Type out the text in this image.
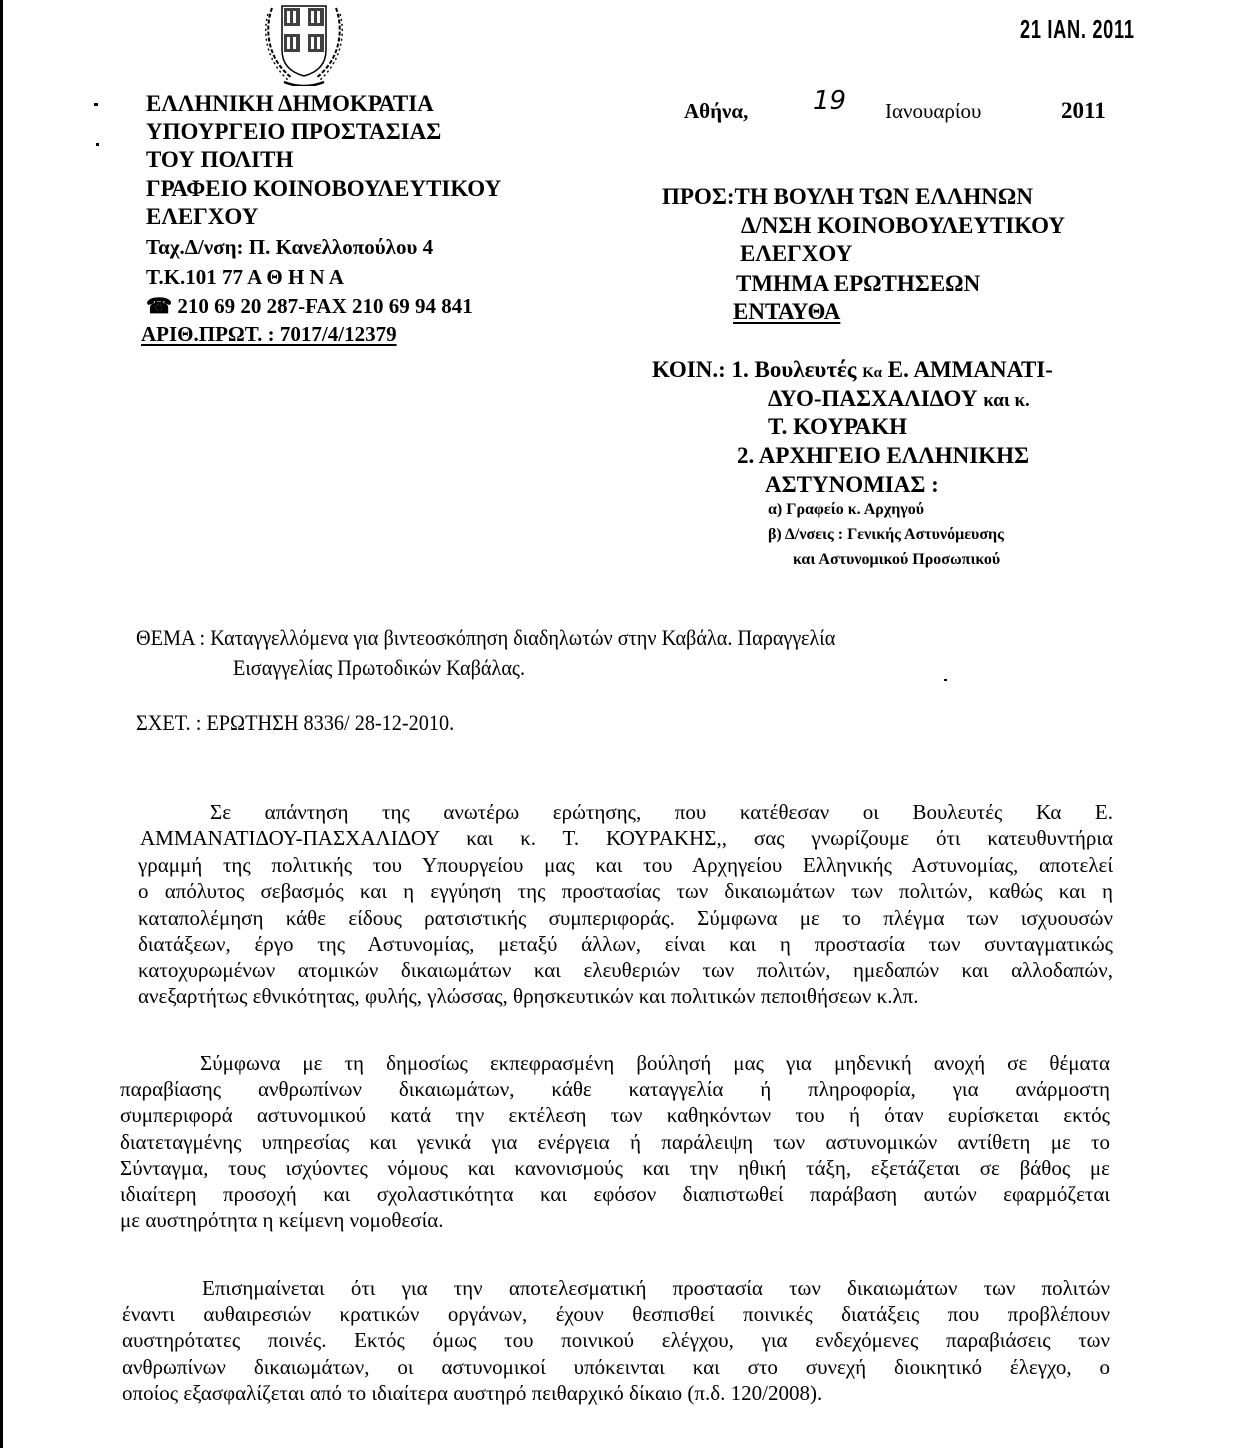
21 IAN. 2011
ΕΛΛΗΝΙΚΗ ΔΗΜΟΚΡΑΤΙΑ
ΥΠΟΥΡΓΕΙΟ ΠΡΟΣΤΑΣΙΑΣ
ΤΟΥ ΠΟΛΙΤΗ
ΓΡΑΦΕΙΟ ΚΟΙΝΟΒΟΥΛΕΥΤΙΚΟΥ
ΕΛΕΓΧΟΥ
Ταχ.Δ/νση: Π. Κανελλοπούλου 4
Τ.Κ.101 77 Α Θ Η Ν Α
☎ 210 69 20 287-FAX 210 69 94 841
ΑΡΙΘ.ΠΡΩΤ. : 7017/4/12379
Αθήνα, 19 Ιανουαρίου	2011
ΠΡΟΣ:ΤΗ ΒΟΥΛΗ ΤΩΝ ΕΛΛΗΝΩΝ
Δ/ΝΣΗ ΚΟΙΝΟΒΟΥΛΕΥΤΙΚΟΥ
ΕΛΕΓΧΟΥ
ΤΜΗΜΑ ΕΡΩΤΗΣΕΩΝ
ΕΝΤΑΥΘΑ
ΚΟΙΝ.: 1. Βουλευτές Κα Ε. ΑΜΜΑΝΑΤΙ-
ΔΥΟ-ΠΑΣΧΑΛΙΔΟΥ και κ.
Τ. ΚΟΥΡΑΚΗ
2. ΑΡΧΗΓΕΙΟ ΕΛΛΗΝΙΚΗΣ
ΑΣΤΥΝΟΜΙΑΣ :
α) Γραφείο κ. Αρχηγού
β) Δ/νσεις : Γενικής Αστυνόμευσης
και Αστυνομικού Προσωπικού
ΘΕΜΑ : Καταγγελλόμενα για βιντεοσκόπηση διαδηλωτών στην Καβάλα. Παραγγελία
Εισαγγελίας Πρωτοδικών Καβάλας.
ΣΧΕΤ. : ΕΡΩΤΗΣΗ 8336/ 28-12-2010.
Σε απάντηση της ανωτέρω ερώτησης, που κατέθεσαν οι Βουλευτές Κα Ε.
ΑΜΜΑΝΑΤΙΔΟΥ-ΠΑΣΧΑΛΙΔΟΥ και κ. Τ. ΚΟΥΡΑΚΗΣ,, σας γνωρίζουμε ότι κατευθυντήρια
γραμμή της πολιτικής του Υπουργείου μας και του Αρχηγείου Ελληνικής Αστυνομίας, αποτελεί
ο απόλυτος σεβασμός και η εγγύηση της προστασίας των δικαιωμάτων των πολιτών, καθώς και η
καταπολέμηση κάθε είδους ρατσιστικής συμπεριφοράς. Σύμφωνα με το πλέγμα των ισχυουσών
διατάξεων, έργο της Αστυνομίας, μεταξύ άλλων, είναι και η προστασία των συνταγματικώς
κατοχυρωμένων ατομικών δικαιωμάτων και ελευθεριών των πολιτών, ημεδαπών και αλλοδαπών,
ανεξαρτήτως εθνικότητας, φυλής, γλώσσας, θρησκευτικών και πολιτικών πεποιθήσεων κ.λπ.
Σύμφωνα με τη δημοσίως εκπεφρασμένη βούλησή μας για μηδενική ανοχή σε θέματα
παραβίασης ανθρωπίνων δικαιωμάτων, κάθε καταγγελία ή πληροφορία, για ανάρμοστη
συμπεριφορά αστυνομικού κατά την εκτέλεση των καθηκόντων του ή όταν ευρίσκεται εκτός
διατεταγμένης υπηρεσίας και γενικά για ενέργεια ή παράλειψη των αστυνομικών αντίθετη με το
Σύνταγμα, τους ισχύοντες νόμους και κανονισμούς και την ηθική τάξη, εξετάζεται σε βάθος με
ιδιαίτερη προσοχή και σχολαστικότητα και εφόσον διαπιστωθεί παράβαση αυτών εφαρμόζεται
με αυστηρότητα η κείμενη νομοθεσία.
Επισημαίνεται ότι για την αποτελεσματική προστασία των δικαιωμάτων των πολιτών
έναντι αυθαιρεσιών κρατικών οργάνων, έχουν θεσπισθεί ποινικές διατάξεις που προβλέπουν
αυστηρότατες ποινές. Εκτός όμως του ποινικού ελέγχου, για ενδεχόμενες παραβιάσεις των
ανθρωπίνων δικαιωμάτων, οι αστυνομικοί υπόκεινται και στο συνεχή διοικητικό έλεγχο, ο
οποίος εξασφαλίζεται από το ιδιαίτερα αυστηρό πειθαρχικό δίκαιο (π.δ. 120/2008).
